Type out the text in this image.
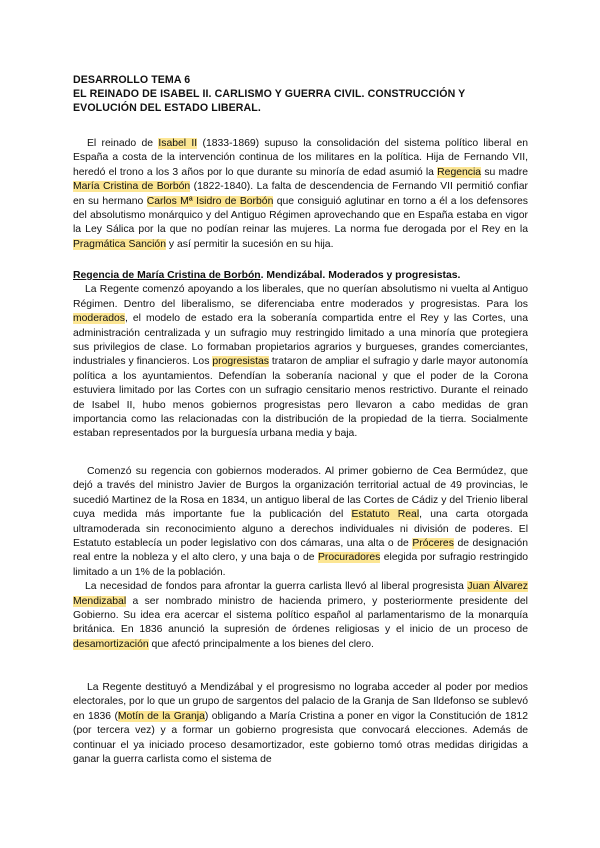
DESARROLLO TEMA 6
EL REINADO DE ISABEL II. CARLISMO Y GUERRA CIVIL. CONSTRUCCIÓN Y
EVOLUCIÓN DEL ESTADO LIBERAL.
El reinado de Isabel II (1833-1869) supuso la consolidación del sistema político liberal en España a costa de la intervención continua de los militares en la política. Hija de Fernando VII, heredó el trono a los 3 años por lo que durante su minoría de edad asumió la Regencia su madre María Cristina de Borbón (1822-1840). La falta de descendencia de Fernando VII permitió confiar en su hermano Carlos Mª Isidro de Borbón que consiguió aglutinar en torno a él a los defensores del absolutismo monárquico y del Antiguo Régimen aprovechando que en España estaba en vigor la Ley Sálica por la que no podían reinar las mujeres. La norma fue derogada por el Rey en la Pragmática Sanción y así permitir la sucesión en su hija.
Regencia de María Cristina de Borbón. Mendizábal. Moderados y progresistas.
La Regente comenzó apoyando a los liberales, que no querían absolutismo ni vuelta al Antiguo Régimen. Dentro del liberalismo, se diferenciaba entre moderados y progresistas. Para los moderados, el modelo de estado era la soberanía compartida entre el Rey y las Cortes, una administración centralizada y un sufragio muy restringido limitado a una minoría que protegiera sus privilegios de clase. Lo formaban propietarios agrarios y burgueses, grandes comerciantes, industriales y financieros. Los progresistas trataron de ampliar el sufragio y darle mayor autonomía política a los ayuntamientos. Defendían la soberanía nacional y que el poder de la Corona estuviera limitado por las Cortes con un sufragio censitario menos restrictivo. Durante el reinado de Isabel II, hubo menos gobiernos progresistas pero llevaron a cabo medidas de gran importancia como las relacionadas con la distribución de la propiedad de la tierra. Socialmente estaban representados por la burguesía urbana media y baja.
Comenzó su regencia con gobiernos moderados. Al primer gobierno de Cea Bermúdez, que dejó a través del ministro Javier de Burgos la organización territorial actual de 49 provincias, le sucedió Martinez de la Rosa en 1834, un antiguo liberal de las Cortes de Cádiz y del Trienio liberal cuya medida más importante fue la publicación del Estatuto Real, una carta otorgada ultramoderada sin reconocimiento alguno a derechos individuales ni división de poderes. El Estatuto establecía un poder legislativo con dos cámaras, una alta o de Próceres de designación real entre la nobleza y el alto clero, y una baja o de Procuradores elegida por sufragio restringido limitado a un 1% de la población.
La necesidad de fondos para afrontar la guerra carlista llevó al liberal progresista Juan Álvarez Mendizabal a ser nombrado ministro de hacienda primero, y posteriormente presidente del Gobierno. Su idea era acercar el sistema político español al parlamentarismo de la monarquía británica. En 1836 anunció la supresión de órdenes religiosas y el inicio de un proceso de desamortización que afectó principalmente a los bienes del clero.
La Regente destituyó a Mendizábal y el progresismo no lograba acceder al poder por medios electorales, por lo que un grupo de sargentos del palacio de la Granja de San Ildefonso se sublevó en 1836 (Motín de la Granja) obligando a María Cristina a poner en vigor la Constitución de 1812 (por tercera vez) y a formar un gobierno progresista que convocará elecciones. Además de continuar el ya iniciado proceso desamortizador, este gobierno tomó otras medidas dirigidas a ganar la guerra carlista como el sistema de
